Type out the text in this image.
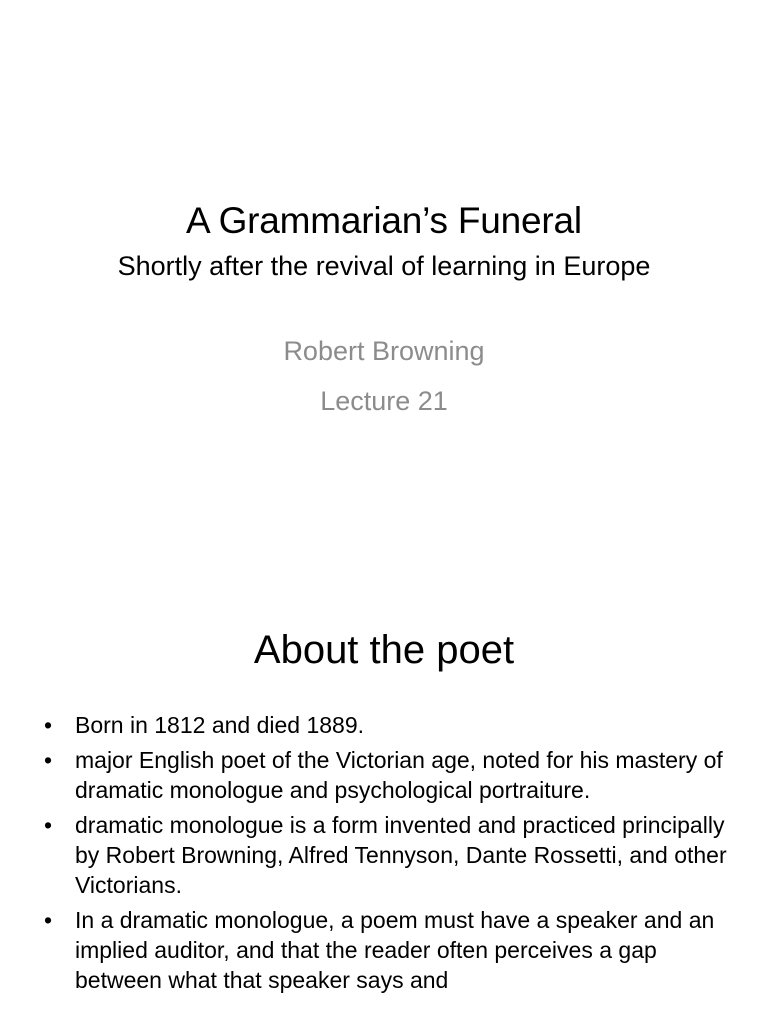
A Grammarian’s Funeral
Shortly after the revival of learning in Europe
Robert Browning
Lecture 21
About the poet
• Born in 1812 and died 1889.
• major English poet of the Victorian age, noted for his mastery of dramatic monologue and psychological portraiture.
• dramatic monologue is a form invented and practiced principally by Robert Browning, Alfred Tennyson, Dante Rossetti, and other Victorians.
• In a dramatic monologue, a poem must have a speaker and an implied auditor, and that the reader often perceives a gap between what that speaker says and
